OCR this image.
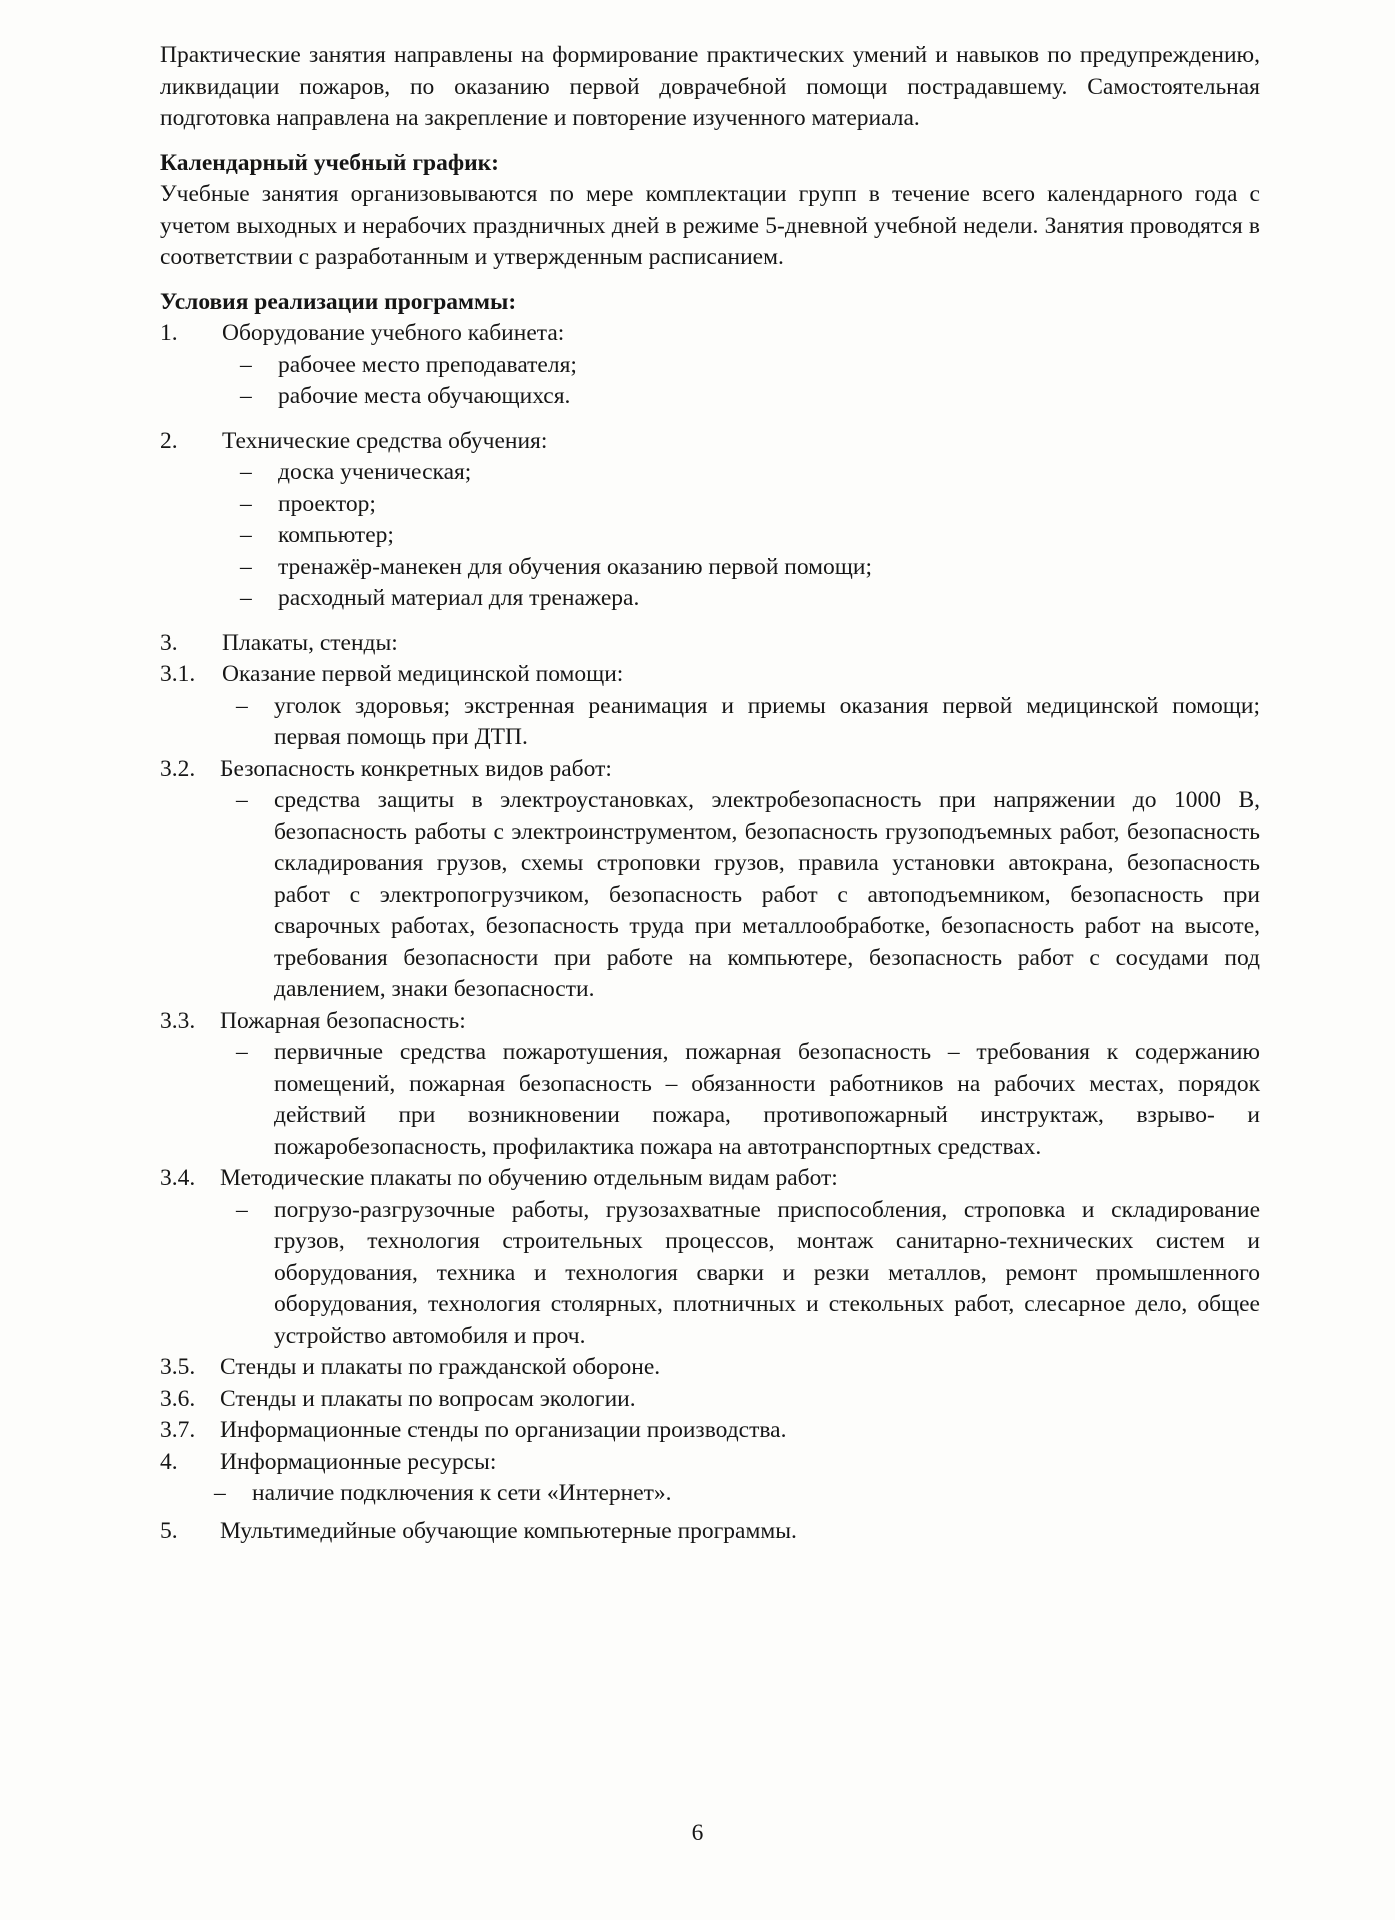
Практические занятия направлены на формирование практических умений и навыков по предупреждению, ликвидации пожаров, по оказанию первой доврачебной помощи пострадавшему. Самостоятельная подготовка направлена на закрепление и повторение изученного материала.

Календарный учебный график:

Учебные занятия организовываются по мере комплектации групп в течение всего календарного года с учетом выходных и нерабочих праздничных дней в режиме 5-дневной учебной недели. Занятия проводятся в соответствии с разработанным и утвержденным расписанием.

Условия реализации программы:

1.	Оборудование учебного кабинета:
– рабочее место преподавателя;
– рабочие места обучающихся.
2.	Технические средства обучения:
– доска ученическая;
– проектор;
– компьютер;
– тренажёр-манекен для обучения оказанию первой помощи;
– расходный материал для тренажера.
3.	Плакаты, стенды:
3.1.	Оказание первой медицинской помощи:
– уголок здоровья; экстренная реанимация и приемы оказания первой медицинской помощи; первая помощь при ДТП.
3.2.	Безопасность конкретных видов работ:
– средства защиты в электроустановках, электробезопасность при напряжении до 1000 В, безопасность работы с электроинструментом, безопасность грузоподъемных работ, безопасность складирования грузов, схемы строповки грузов, правила установки автокрана, безопасность работ с электропогрузчиком, безопасность работ с автоподъемником, безопасность при сварочных работах, безопасность труда при металлообработке, безопасность работ на высоте, требования безопасности при работе на компьютере, безопасность работ с сосудами под давлением, знаки безопасности.
3.3.	Пожарная безопасность:
– первичные средства пожаротушения, пожарная безопасность – требования к содержанию помещений, пожарная безопасность – обязанности работников на рабочих местах, порядок действий при возникновении пожара, противопожарный инструктаж, взрыво- и пожаробезопасность, профилактика пожара на автотранспортных средствах.
3.4.	Методические плакаты по обучению отдельным видам работ:
– погрузо-разгрузочные работы, грузозахватные приспособления, строповка и складирование грузов, технология строительных процессов, монтаж санитарно-технических систем и оборудования, техника и технология сварки и резки металлов, ремонт промышленного оборудования, технология столярных, плотничных и стекольных работ, слесарное дело, общее устройство автомобиля и проч.
3.5.	Стенды и плакаты по гражданской обороне.
3.6.	Стенды и плакаты по вопросам экологии.
3.7.	Информационные стенды по организации производства.
4.	Информационные ресурсы:
– наличие подключения к сети «Интернет».
5.	Мультимедийные обучающие компьютерные программы.
6
